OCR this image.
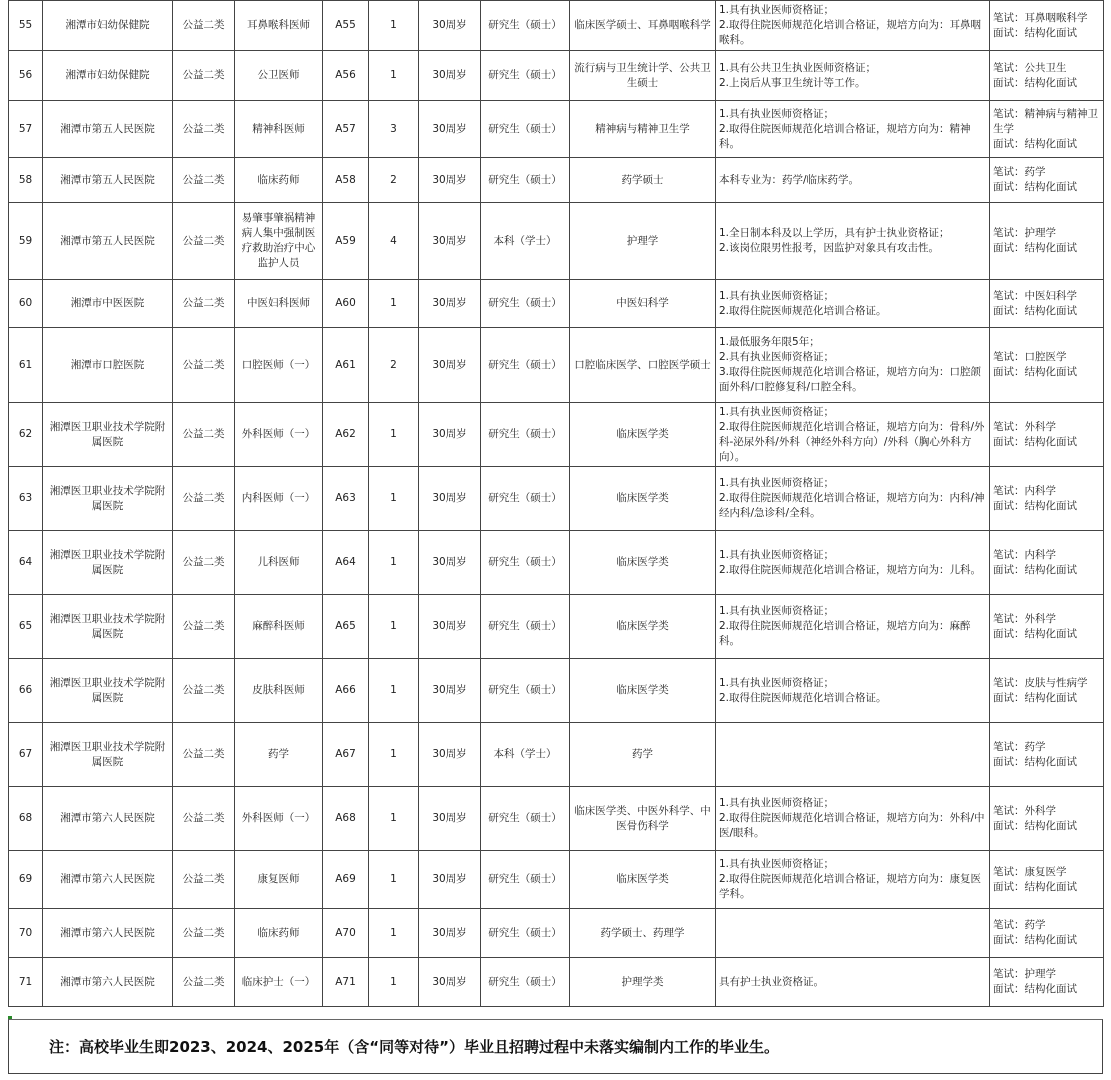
55	湘潭市妇幼保健院	公益二类	耳鼻喉科医师	A55	1	30周岁	研究生（硕士）	临床医学硕士、耳鼻咽喉科学	1.具有执业医师资格证；
2.取得住院医师规范化培训合格证，规培方向为：耳鼻咽喉科。	笔试：耳鼻咽喉科学
面试：结构化面试
56	湘潭市妇幼保健院	公益二类	公卫医师	A56	1	30周岁	研究生（硕士）	流行病与卫生统计学、公共卫生硕士	1.具有公共卫生执业医师资格证；
2.上岗后从事卫生统计等工作。	笔试：公共卫生
面试：结构化面试
57	湘潭市第五人民医院	公益二类	精神科医师	A57	3	30周岁	研究生（硕士）	精神病与精神卫生学	1.具有执业医师资格证；
2.取得住院医师规范化培训合格证，规培方向为：精神科。	笔试：精神病与精神卫生学
面试：结构化面试
58	湘潭市第五人民医院	公益二类	临床药师	A58	2	30周岁	研究生（硕士）	药学硕士	本科专业为：药学/临床药学。	笔试：药学
面试：结构化面试
59	湘潭市第五人民医院	公益二类	易肇事肇祸精神病人集中强制医疗救助治疗中心监护人员	A59	4	30周岁	本科（学士）	护理学	1.全日制本科及以上学历，具有护士执业资格证；
2.该岗位限男性报考，因监护对象具有攻击性。	笔试：护理学
面试：结构化面试
60	湘潭市中医医院	公益二类	中医妇科医师	A60	1	30周岁	研究生（硕士）	中医妇科学	1.具有执业医师资格证；
2.取得住院医师规范化培训合格证。	笔试：中医妇科学
面试：结构化面试
61	湘潭市口腔医院	公益二类	口腔医师（一）	A61	2	30周岁	研究生（硕士）	口腔临床医学、口腔医学硕士	1.最低服务年限5年；
2.具有执业医师资格证；
3.取得住院医师规范化培训合格证，规培方向为：口腔颌面外科/口腔修复科/口腔全科。	笔试：口腔医学
面试：结构化面试
62	湘潭医卫职业技术学院附属医院	公益二类	外科医师（一）	A62	1	30周岁	研究生（硕士）	临床医学类	1.具有执业医师资格证；
2.取得住院医师规范化培训合格证，规培方向为：骨科/外科-泌尿外科/外科（神经外科方向）/外科（胸心外科方向）。	笔试：外科学
面试：结构化面试
63	湘潭医卫职业技术学院附属医院	公益二类	内科医师（一）	A63	1	30周岁	研究生（硕士）	临床医学类	1.具有执业医师资格证；
2.取得住院医师规范化培训合格证，规培方向为：内科/神经内科/急诊科/全科。	笔试：内科学
面试：结构化面试
64	湘潭医卫职业技术学院附属医院	公益二类	儿科医师	A64	1	30周岁	研究生（硕士）	临床医学类	1.具有执业医师资格证；
2.取得住院医师规范化培训合格证，规培方向为：儿科。	笔试：内科学
面试：结构化面试
65	湘潭医卫职业技术学院附属医院	公益二类	麻醉科医师	A65	1	30周岁	研究生（硕士）	临床医学类	1.具有执业医师资格证；
2.取得住院医师规范化培训合格证，规培方向为：麻醉科。	笔试：外科学
面试：结构化面试
66	湘潭医卫职业技术学院附属医院	公益二类	皮肤科医师	A66	1	30周岁	研究生（硕士）	临床医学类	1.具有执业医师资格证；
2.取得住院医师规范化培训合格证。	笔试：皮肤与性病学
面试：结构化面试
67	湘潭医卫职业技术学院附属医院	公益二类	药学	A67	1	30周岁	本科（学士）	药学		笔试：药学
面试：结构化面试
68	湘潭市第六人民医院	公益二类	外科医师（一）	A68	1	30周岁	研究生（硕士）	临床医学类、中医外科学、中医骨伤科学	1.具有执业医师资格证；
2.取得住院医师规范化培训合格证，规培方向为：外科/中医/眼科。	笔试：外科学
面试：结构化面试
69	湘潭市第六人民医院	公益二类	康复医师	A69	1	30周岁	研究生（硕士）	临床医学类	1.具有执业医师资格证；
2.取得住院医师规范化培训合格证，规培方向为：康复医学科。	笔试：康复医学
面试：结构化面试
70	湘潭市第六人民医院	公益二类	临床药师	A70	1	30周岁	研究生（硕士）	药学硕士、药理学		笔试：药学
面试：结构化面试
71	湘潭市第六人民医院	公益二类	临床护士（一）	A71	1	30周岁	研究生（硕士）	护理学类	具有护士执业资格证。	笔试：护理学
面试：结构化面试
注：高校毕业生即2023、2024、2025年（含“同等对待”）毕业且招聘过程中未落实编制内工作的毕业生。
